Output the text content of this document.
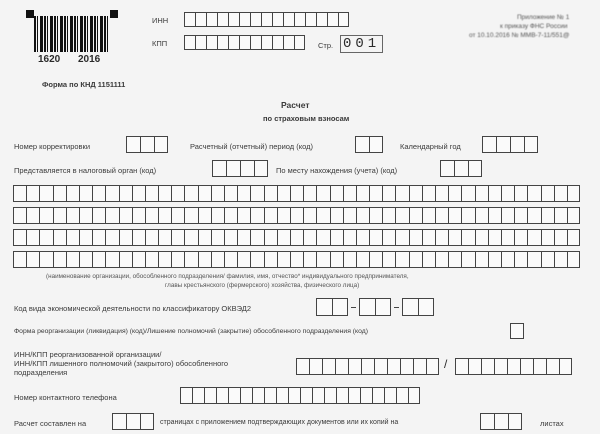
1620 2016
ИНН
КПП	Стр. 001
Приложение № 1
к приказу ФНС России
от 10.10.2016 № ММВ-7-11/551@
Форма по КНД 1151111
Расчет
по страховым взносам
Номер корректировки	Расчетный (отчетный) период (код)	Календарный год
Представляется в налоговый орган (код)	По месту нахождения (учета) (код)
(наименование организации, обособленного подразделения/ фамилия, имя, отчество* индивидуального предпринимателя,
главы крестьянского (фермерского) хозяйства, физического лица)
Код вида экономической деятельности по классификатору ОКВЭД2
Форма реорганизации (ликвидация) (код)/Лишение полномочий (закрытие) обособленного подразделения (код)
ИНН/КПП реорганизованной организации/
ИНН/КПП лишенного полномочий (закрытого) обособленного
подразделения
/
Номер контактного телефона
Расчет составлен на	страницах с приложением подтверждающих документов или их копий на	листах
